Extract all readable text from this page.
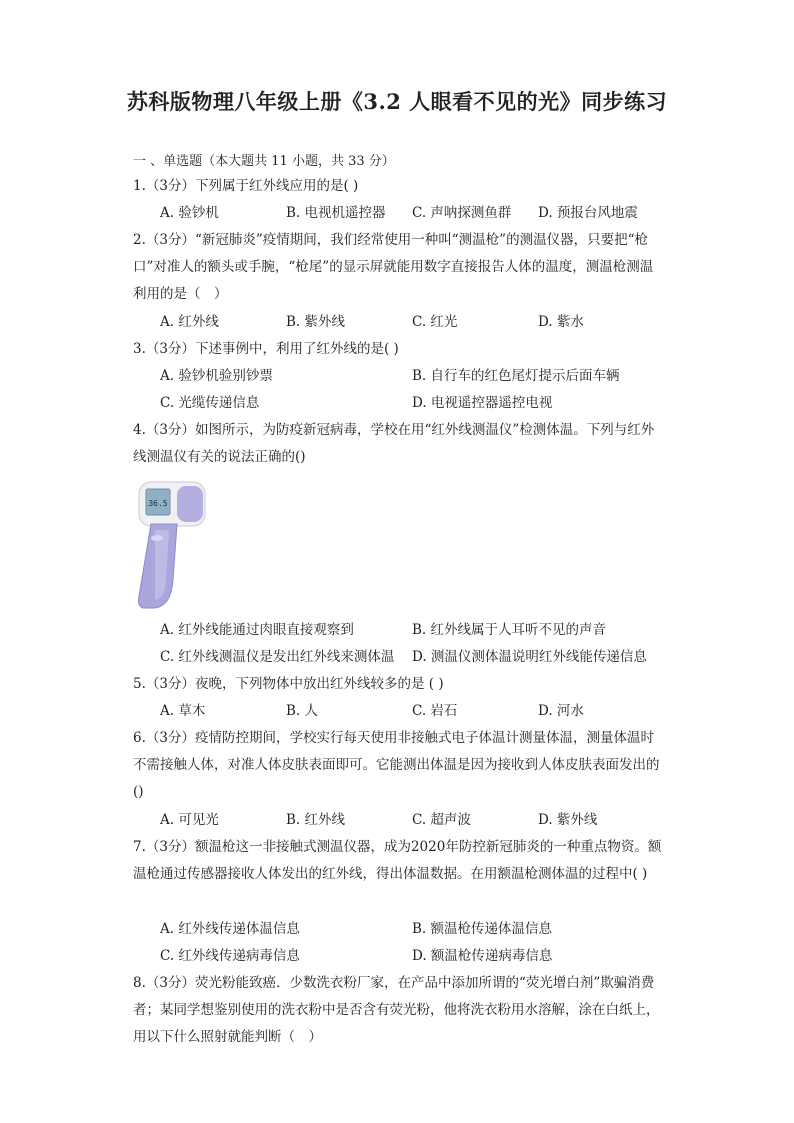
苏科版物理八年级上册《3.2 人眼看不见的光》同步练习
一 、单选题（本大题共 11 小题，共 33 分）
1.（3分）下列属于红外线应用的是( )
A. 验钞机	B. 电视机遥控器	C. 声呐探测鱼群	D. 预报台风地震
2.（3分）“新冠肺炎”疫情期间，我们经常使用一种叫“测温枪”的测温仪器，只要把“枪口”对准人的额头或手腕，“枪尾”的显示屏就能用数字直接报告人体的温度，测温枪测温利用的是（　）
A. 红外线	B. 紫外线	C. 红光	D. 紫水
3.（3分）下述事例中，利用了红外线的是( )
A. 验钞机验别钞票	B. 自行车的红色尾灯提示后面车辆
C. 光缆传递信息	D. 电视遥控器遥控电视
4.（3分）如图所示，为防疫新冠病毒，学校在用“红外线测温仪”检测体温。下列与红外线测温仪有关的说法正确的()
36.5
A. 红外线能通过肉眼直接观察到	B. 红外线属于人耳听不见的声音
C. 红外线测温仪是发出红外线来测体温	D. 测温仪测体温说明红外线能传递信息
5.（3分）夜晚，下列物体中放出红外线较多的是 ( )
A. 草木	B. 人	C. 岩石	D. 河水
6.（3分）疫情防控期间，学校实行每天使用非接触式电子体温计测量体温，测量体温时不需接触人体，对准人体皮肤表面即可。它能测出体温是因为接收到人体皮肤表面发出的()
A. 可见光	B. 红外线	C. 超声波	D. 紫外线
7.（3分）额温枪这一非接触式测温仪器，成为2020年防控新冠肺炎的一种重点物资。额温枪通过传感器接收人体发出的红外线，得出体温数据。在用额温枪测体温的过程中( )
A. 红外线传递体温信息	B. 额温枪传递体温信息
C. 红外线传递病毒信息	D. 额温枪传递病毒信息
8.（3分）荧光粉能致癌．少数洗衣粉厂家，在产品中添加所谓的“荧光增白剂”欺骗消费者；某同学想鉴别使用的洗衣粉中是否含有荧光粉，他将洗衣粉用水溶解，涂在白纸上，用以下什么照射就能判断（　）
